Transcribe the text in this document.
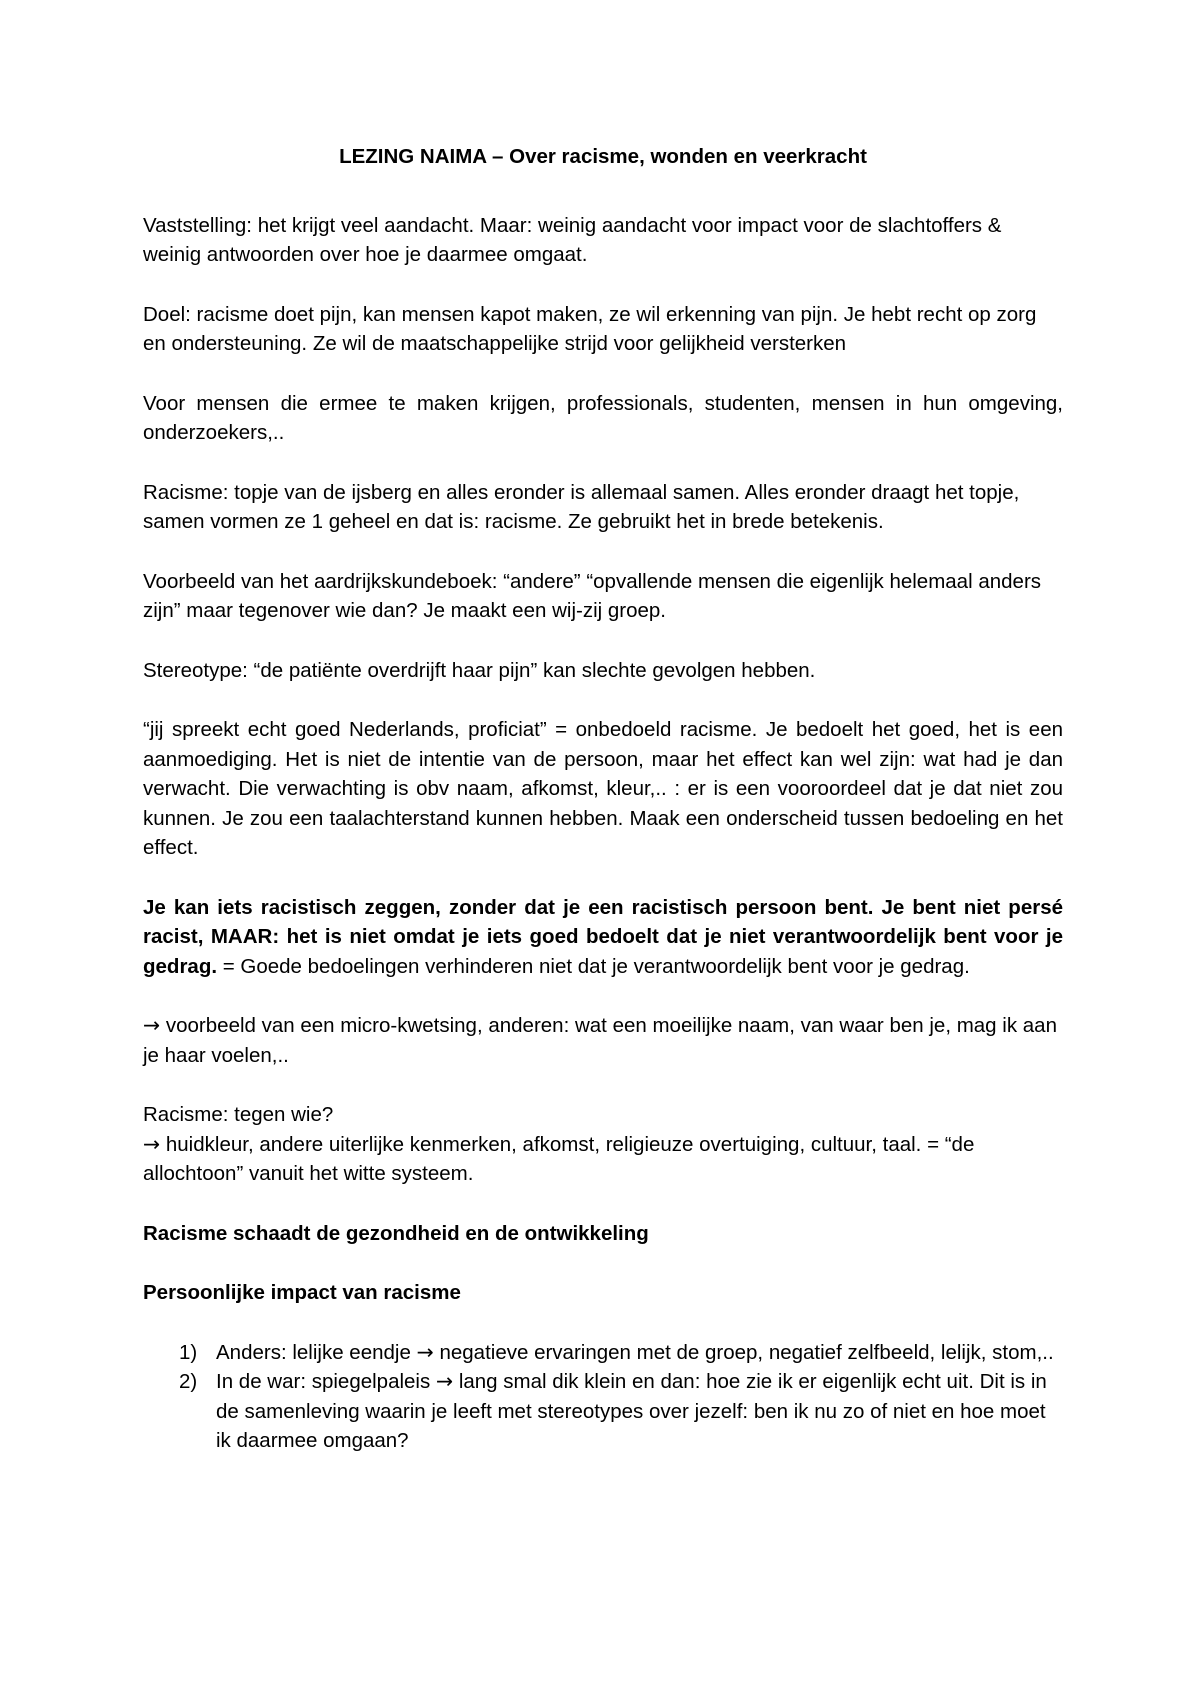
LEZING NAIMA – Over racisme, wonden en veerkracht

Vaststelling: het krijgt veel aandacht. Maar: weinig aandacht voor impact voor de slachtoffers & weinig antwoorden over hoe je daarmee omgaat.

Doel: racisme doet pijn, kan mensen kapot maken, ze wil erkenning van pijn. Je hebt recht op zorg en ondersteuning. Ze wil de maatschappelijke strijd voor gelijkheid versterken

Voor mensen die ermee te maken krijgen, professionals, studenten, mensen in hun omgeving, onderzoekers,..

Racisme: topje van de ijsberg en alles eronder is allemaal samen. Alles eronder draagt het topje, samen vormen ze 1 geheel en dat is: racisme. Ze gebruikt het in brede betekenis.

Voorbeeld van het aardrijkskundeboek: “andere” “opvallende mensen die eigenlijk helemaal anders zijn” maar tegenover wie dan? Je maakt een wij-zij groep.

Stereotype: “de patiënte overdrijft haar pijn” kan slechte gevolgen hebben.

“jij spreekt echt goed Nederlands, proficiat” = onbedoeld racisme. Je bedoelt het goed, het is een aanmoediging. Het is niet de intentie van de persoon, maar het effect kan wel zijn: wat had je dan verwacht. Die verwachting is obv naam, afkomst, kleur,.. : er is een vooroordeel dat je dat niet zou kunnen. Je zou een taalachterstand kunnen hebben. Maak een onderscheid tussen bedoeling en het effect.

Je kan iets racistisch zeggen, zonder dat je een racistisch persoon bent. Je bent niet persé racist, MAAR: het is niet omdat je iets goed bedoelt dat je niet verantwoordelijk bent voor je gedrag. = Goede bedoelingen verhinderen niet dat je verantwoordelijk bent voor je gedrag.

→ voorbeeld van een micro-kwetsing, anderen: wat een moeilijke naam, van waar ben je, mag ik aan je haar voelen,..

Racisme: tegen wie?
→ huidkleur, andere uiterlijke kenmerken, afkomst, religieuze overtuiging, cultuur, taal. = “de allochtoon” vanuit het witte systeem.

Racisme schaadt de gezondheid en de ontwikkeling

Persoonlijke impact van racisme

1) Anders: lelijke eendje → negatieve ervaringen met de groep, negatief zelfbeeld, lelijk, stom,..
2) In de war: spiegelpaleis → lang smal dik klein en dan: hoe zie ik er eigenlijk echt uit. Dit is in de samenleving waarin je leeft met stereotypes over jezelf: ben ik nu zo of niet en hoe moet ik daarmee omgaan?
